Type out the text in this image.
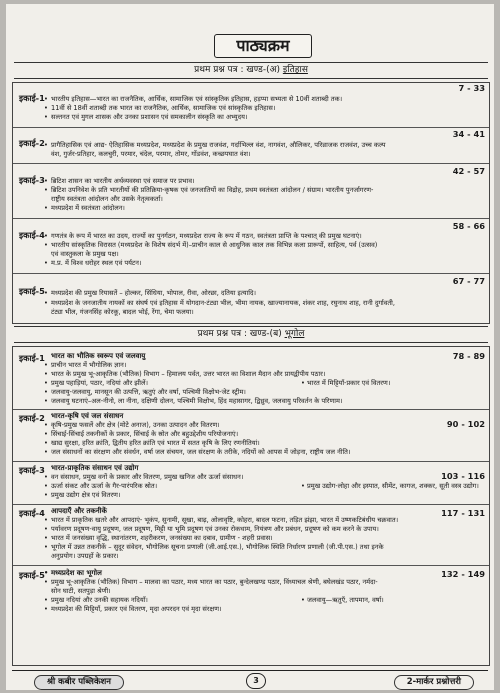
पाठ्यक्रम
प्रथम प्रश्न पत्र : खण्ड-(अ) इतिहास
इकाई-1
7 - 33
• भारतीय इतिहास—भारत का राजनैतिक, आर्थिक, सामाजिक एवं सांस्कृतिक इतिहास, हड़प्पा सभ्यता से 10वीं शताब्दी तक।
• 11वीं से 18वीं शताब्दी तक भारत का राजनैतिक, आर्थिक, सामाजिक एवं सांस्कृतिक इतिहास।
• सल्तनत एवं मुगल शासक और उनका प्रशासन एवं समकालीन संस्कृति का अभ्युदय।
इकाई-2
34 - 41
• प्रागैतिहासिक एवं आद्य- ऐतिहासिक मध्यप्रदेश, मध्यप्रदेश के प्रमुख राजवंश, गर्दाभिल्ल वंश, नागवंश, औलिकर, परिव्राजक राजवंश, उच्च कल्प
वंश, गुर्जर-प्रतिहार, कलचुरी, परमार, चंदेल, परमार, तोमर, गोंडवंश, कच्छपघात वंश।
इकाई-3
42 - 57
• ब्रिटिश शासन का भारतीय अर्थव्यवस्था एवं समाज पर प्रभाव।
• ब्रिटिश उपनिवेश के प्रति भारतीयों की प्रतिक्रिया-कृषक एवं जनजातियों का विद्रोह, प्रथम स्वतंत्रता आंदोलन / संग्राम। भारतीय पुनर्जागरण-
राष्ट्रीय स्वतंत्रता आंदोलन और उसके नेतृत्वकर्ता।
• मध्यप्रदेश में स्वतंत्रता आंदोलन।
इकाई-4
58 - 66
• गणतंत्र के रूप में भारत का उदय, राज्यों का पुनर्गठन, मध्यप्रदेश राज्य के रूप में गठन, स्वतंत्रता प्राप्ति के पश्चात् की प्रमुख घटनाएं।
• भारतीय सांस्कृतिक विरासत (मध्यप्रदेश के विशेष संदर्भ में)–प्राचीन काल से आधुनिक काल तक विभिन्न कला प्रारूपों, साहित्य, पर्व (उत्सव)
एवं वास्तुकला के प्रमुख पक्ष।
• म.प्र. में विश्व धरोहर स्थल एवं पर्यटन।
इकाई-5
67 - 77
• मध्यप्रदेश की प्रमुख रियासतें – होल्कर, सिंधिया, भोपाल, रीवा, ओरछा, दतिया इत्यादि।
• मध्यप्रदेश के जनजातीय नायकों का संघर्ष एवं इतिहास में योगदान-टंट्या भील, भीमा नायक, खाज्यानायक, शंकर शाह, रघुनाथ शाह, रानी दुर्गावती,
टंट्या भील, गंजनसिंह कोरकू, बादल भोई, रेंगा, चेमा फलया।
प्रथम प्रश्न पत्र : खण्ड-(ब) भूगोल
इकाई-1	78 - 89
भारत का भौतिक स्वरूप एवं जलवायु
• प्राचीन भारत में भौगोलिक ज्ञान।
• भारत के प्रमुख भू-आकृतिक (भौतिक) विभाग – हिमालय पर्वत, उत्तर भारत का विशाल मैदान और प्रायद्वीपीय पठार।
• प्रमुख पहाड़ियां, पठार, नदियां और झीलें।	• भारत में मिट्टियाँ-प्रकार एवं वितरण।
• जलवायु-जलवायु, मानसून की उत्पत्ति, ऋतुएं और वर्षा, पश्चिमी विक्षोभ-जेट स्ट्रीम।
• जलवायु घटनाएं–अल-नीनो, ला नीना, दक्षिणी दोलन, पश्चिमी विक्षोभ, हिंद महासागर, द्विध्रुव, जलवायु परिवर्तन के परिणाम।
इकाई-2
90 - 102
भारत-कृषि एवं जल संसाधन
• कृषि-प्रमुख फसलें और क्षेत्र (मोटे अनाज), उनका उत्पादन और वितरण।
• सिंचाई-सिंचाई तकनीकों के प्रकार, सिंचाई के स्रोत और बहुउद्देशीय परियोजनाएं।
• खाद्य सुरक्षा, हरित क्रांति, द्वितीय हरित क्रांति एवं भारत में सतत कृषि के लिए रणनीतियां।
• जल संसाधनों का संरक्षण और संवर्धन, वर्षा जल संचयन, जल संरक्षण के तरीके, नदियों को आपस में जोड़ना, राष्ट्रीय जल नीति।
इकाई-3
103 - 116
भारत-प्राकृतिक संसाधन एवं उद्योग
• वन संसाधन, प्रमुख वनों के प्रकार और वितरण, प्रमुख खनिज और ऊर्जा संसाधन।
• ऊर्जा संकट और ऊर्जा के गैर-पारंपरिक स्रोत।	• प्रमुख उद्योग-लोहा और इस्पात, सीमेंट, कागज, शक्कर, सूती वस्त्र उद्योग।
• प्रमुख उद्योग क्षेत्र एवं वितरण।
इकाई-4	117 - 131
आपदाएँ और तकनीकें
• भारत में प्राकृतिक खतरे और आपदाएं- भूकंप, सुनामी, सूखा, बाढ़, ओलावृष्टि, कोहरा, बादल फटना, तड़ित झंझा, भारत में उष्णकटिबंधीय चक्रवात।
• पर्यावरण प्रदूषण-वायु प्रदूषण, जल प्रदूषण, मिट्टी या भूमि प्रदूषण एवं उनका रोकथाम, नियंत्रण और प्रबंधन, प्रदूषण को कम करने के उपाय।
• भारत में जनसंख्या वृद्धि, स्थानांतरण, शहरीकरण, जनसंख्या का दबाव, ग्रामीण - शहरी प्रवास।
• भूगोल में उन्नत तकनीकें – सुदूर संवेदन, भौगोलिक सूचना प्रणाली (जी.आई.एस.), भौगोलिक स्थिति निर्धारण प्रणाली (जी.पी.एस.) तथा इनके
अनुप्रयोग। उपग्रहों के प्रकार।
इकाई-5	132 - 149
• मध्यप्रदेश का भूगोल
• प्रमुख भू-आकृतिक (भौतिक) विभाग – मालवा का पठार, मध्य भारत का पठार, बुन्देलखण्ड पठार, विंध्याचल श्रेणी, बघेलखंड पठार, नर्मदा-
सोन घाटी, सतपुड़ा श्रेणी।
• प्रमुख नदियां और उनकी सहायक नदियाँ।	• जलवायु—ऋतुएँ, तापमान, वर्षा।
• मध्यप्रदेश की मिट्टियाँ, प्रकार एवं वितरण, मृदा अपरदन एवं मृदा संरक्षण।
श्री कबीर पब्लिकेशन	3	2-मार्कर प्रश्नोत्तरी
